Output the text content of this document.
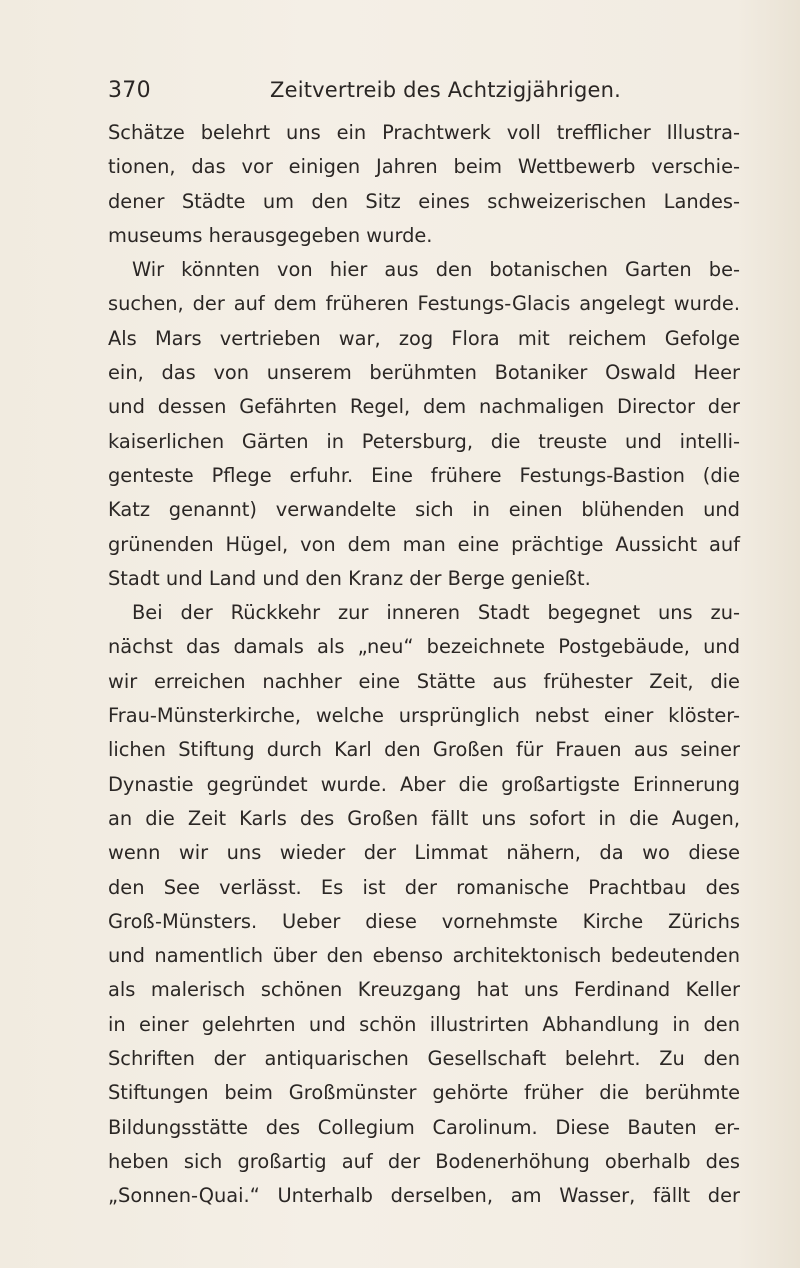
370	Zeitvertreib des Achtzigjährigen.
Schätze belehrt uns ein Prachtwerk voll trefflicher Illustra-
tionen, das vor einigen Jahren beim Wettbewerb verschie-
dener Städte um den Sitz eines schweizerischen Landes-
museums herausgegeben wurde.
Wir könnten von hier aus den botanischen Garten be-
suchen, der auf dem früheren Festungs-Glacis angelegt wurde.
Als Mars vertrieben war, zog Flora mit reichem Gefolge
ein, das von unserem berühmten Botaniker Oswald Heer
und dessen Gefährten Regel, dem nachmaligen Director der
kaiserlichen Gärten in Petersburg, die treuste und intelli-
genteste Pflege erfuhr. Eine frühere Festungs-Bastion (die
Katz genannt) verwandelte sich in einen blühenden und
grünenden Hügel, von dem man eine prächtige Aussicht auf
Stadt und Land und den Kranz der Berge genießt.
Bei der Rückkehr zur inneren Stadt begegnet uns zu-
nächst das damals als „neu“ bezeichnete Postgebäude, und
wir erreichen nachher eine Stätte aus frühester Zeit, die
Frau-Münsterkirche, welche ursprünglich nebst einer klöster-
lichen Stiftung durch Karl den Großen für Frauen aus seiner
Dynastie gegründet wurde. Aber die großartigste Erinnerung
an die Zeit Karls des Großen fällt uns sofort in die Augen,
wenn wir uns wieder der Limmat nähern, da wo diese
den See verlässt. Es ist der romanische Prachtbau des
Groß-Münsters. Ueber diese vornehmste Kirche Zürichs
und namentlich über den ebenso architektonisch bedeutenden
als malerisch schönen Kreuzgang hat uns Ferdinand Keller
in einer gelehrten und schön illustrirten Abhandlung in den
Schriften der antiquarischen Gesellschaft belehrt. Zu den
Stiftungen beim Großmünster gehörte früher die berühmte
Bildungsstätte des Collegium Carolinum. Diese Bauten er-
heben sich großartig auf der Bodenerhöhung oberhalb des
„Sonnen-Quai.“ Unterhalb derselben, am Wasser, fällt der
